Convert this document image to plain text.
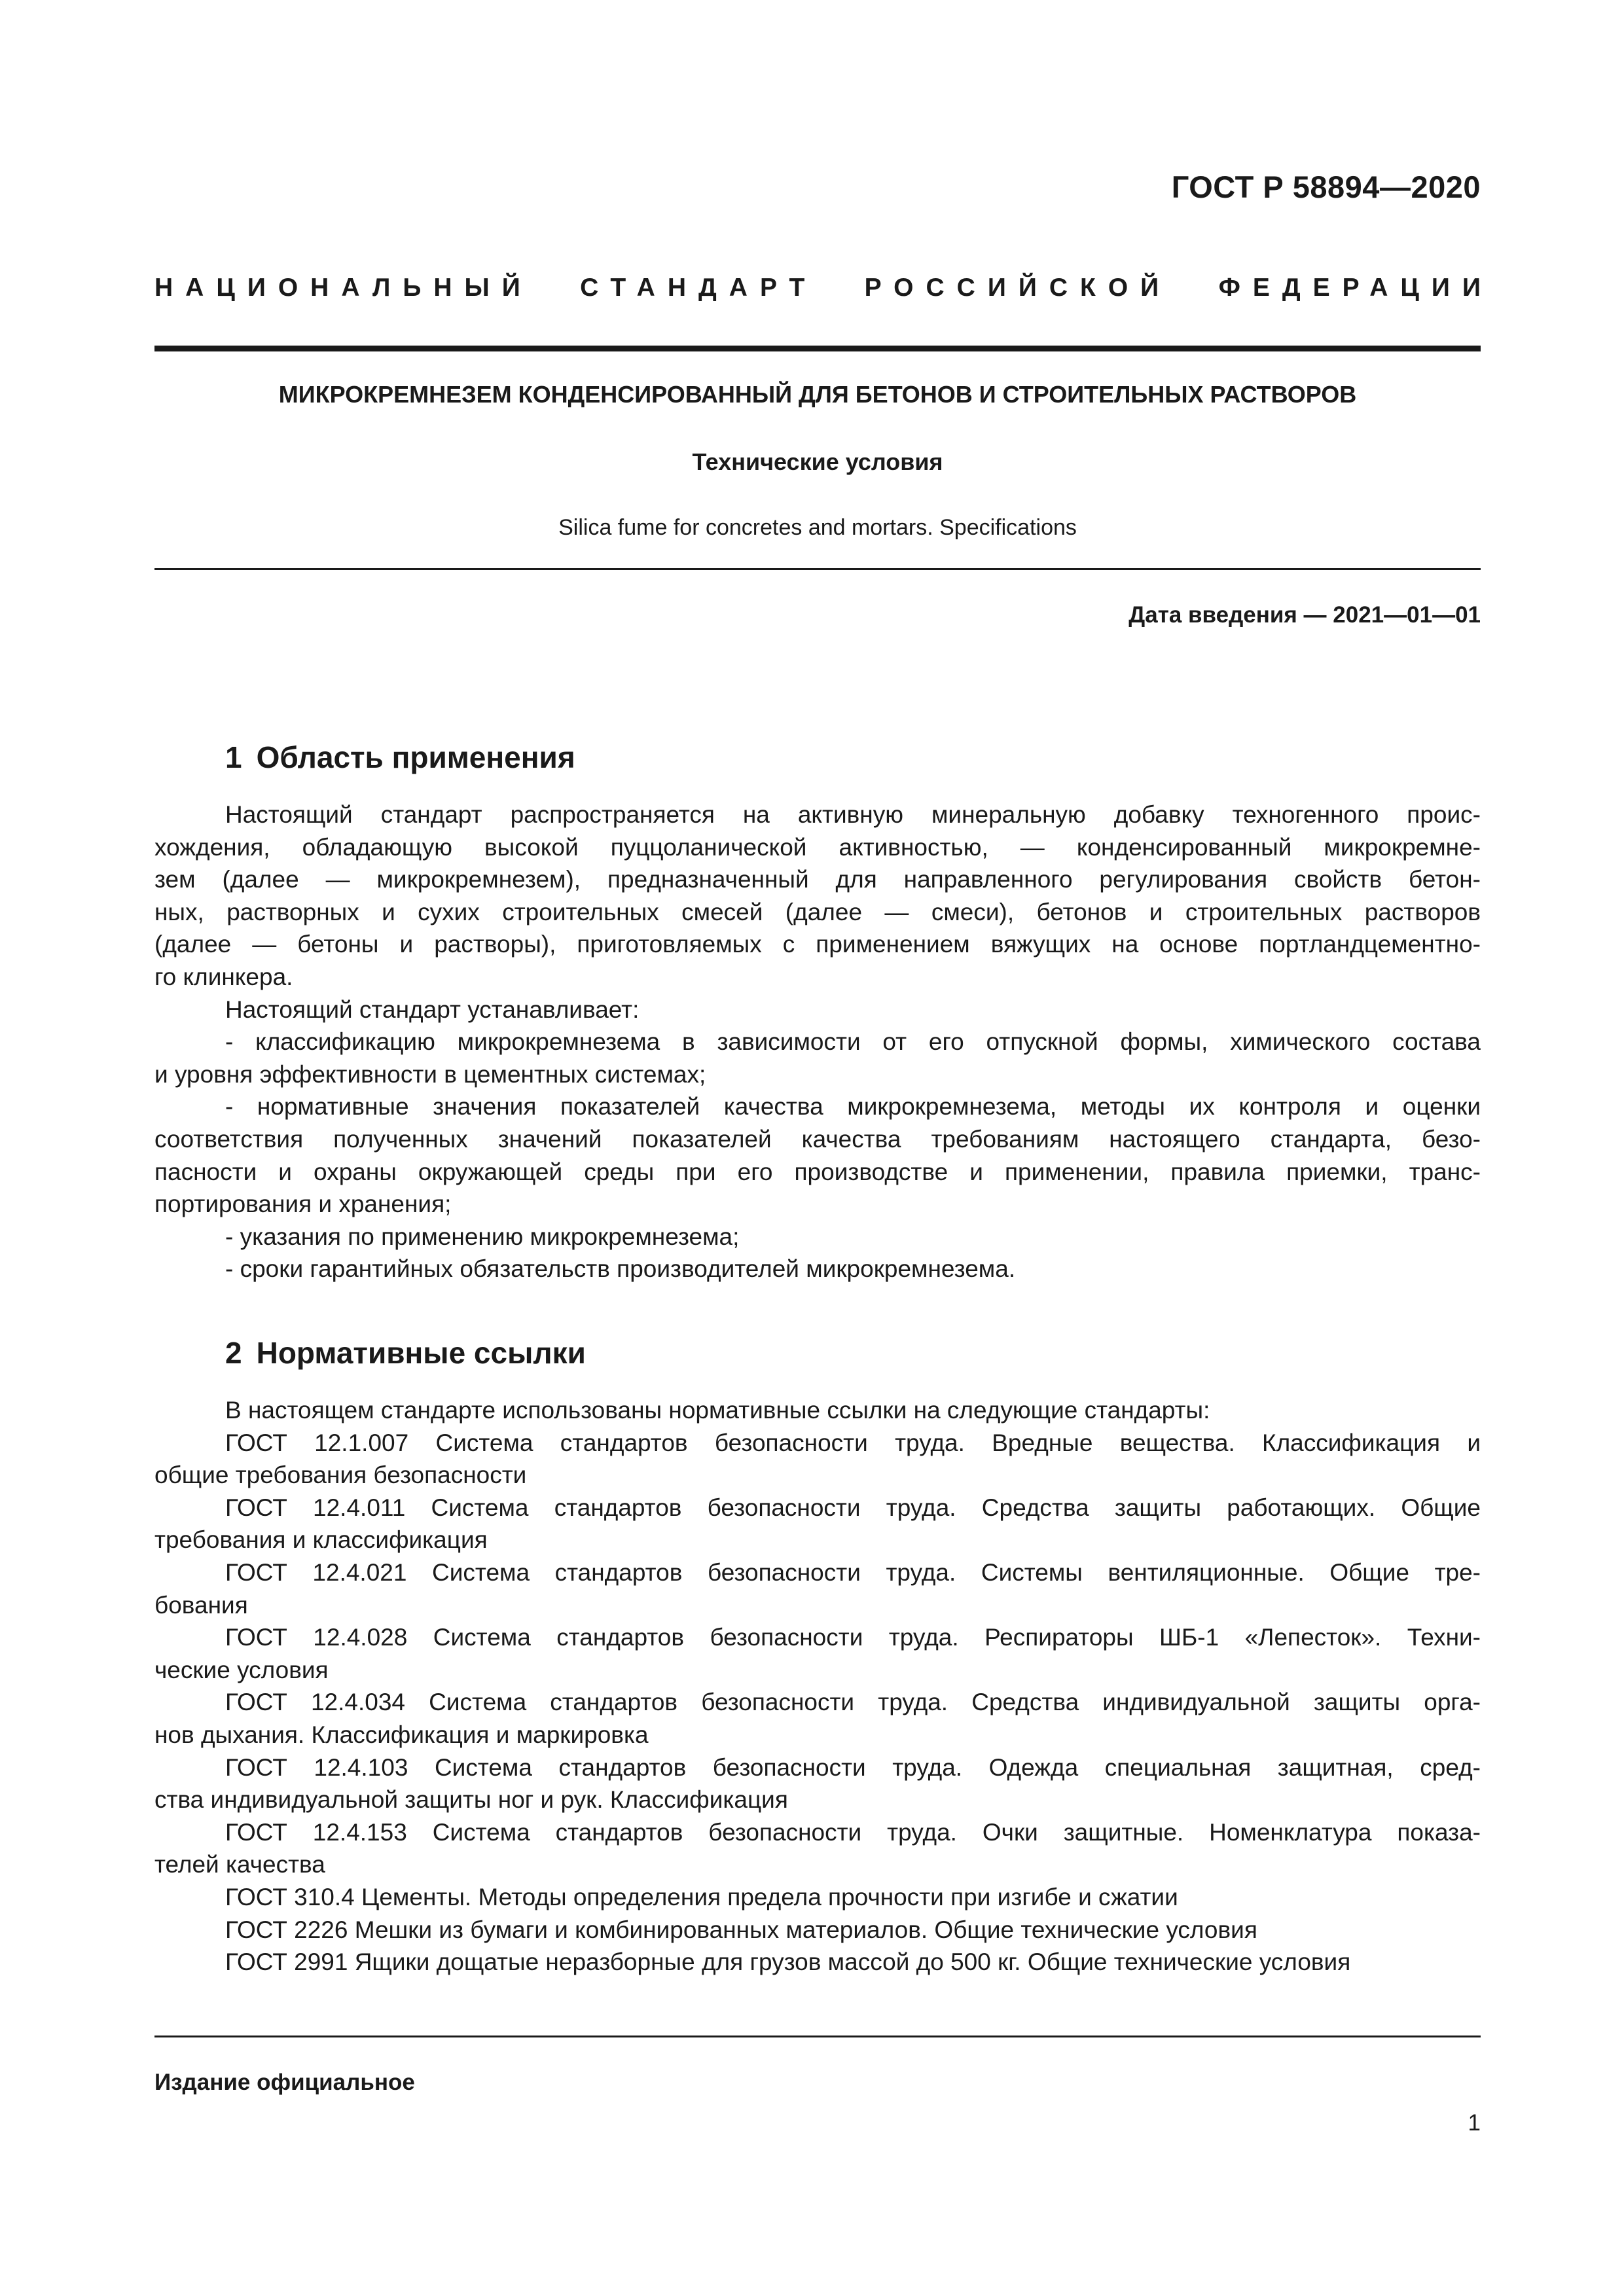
ГОСТ Р 58894—2020
НАЦИОНАЛЬНЫЙ СТАНДАРТ РОССИЙСКОЙ ФЕДЕРАЦИИ
МИКРОКРЕМНЕЗЕМ КОНДЕНСИРОВАННЫЙ ДЛЯ БЕТОНОВ И СТРОИТЕЛЬНЫХ РАСТВОРОВ
Технические условия
Silica fume for concretes and mortars. Specifications
Дата введения — 2021—01—01
1 Область применения
Настоящий стандарт распространяется на активную минеральную добавку техногенного проис-
хождения, обладающую высокой пуццоланической активностью, — конденсированный микрокремне-
зем (далее — микрокремнезем), предназначенный для направленного регулирования свойств бетон-
ных, растворных и сухих строительных смесей (далее — смеси), бетонов и строительных растворов
(далее — бетоны и растворы), приготовляемых с применением вяжущих на основе портландцементно-
го клинкера.
Настоящий стандарт устанавливает:
- классификацию микрокремнезема в зависимости от его отпускной формы, химического состава
и уровня эффективности в цементных системах;
- нормативные значения показателей качества микрокремнезема, методы их контроля и оценки
соответствия полученных значений показателей качества требованиям настоящего стандарта, безо-
пасности и охраны окружающей среды при его производстве и применении, правила приемки, транс-
портирования и хранения;
- указания по применению микрокремнезема;
- сроки гарантийных обязательств производителей микрокремнезема.
2 Нормативные ссылки
В настоящем стандарте использованы нормативные ссылки на следующие стандарты:
ГОСТ 12.1.007 Система стандартов безопасности труда. Вредные вещества. Классификация и
общие требования безопасности
ГОСТ 12.4.011 Система стандартов безопасности труда. Средства защиты работающих. Общие
требования и классификация
ГОСТ 12.4.021 Система стандартов безопасности труда. Системы вентиляционные. Общие тре-
бования
ГОСТ 12.4.028 Система стандартов безопасности труда. Респираторы ШБ-1 «Лепесток». Техни-
ческие условия
ГОСТ 12.4.034 Система стандартов безопасности труда. Средства индивидуальной защиты орга-
нов дыхания. Классификация и маркировка
ГОСТ 12.4.103 Система стандартов безопасности труда. Одежда специальная защитная, сред-
ства индивидуальной защиты ног и рук. Классификация
ГОСТ 12.4.153 Система стандартов безопасности труда. Очки защитные. Номенклатура показа-
телей качества
ГОСТ 310.4 Цементы. Методы определения предела прочности при изгибе и сжатии
ГОСТ 2226 Мешки из бумаги и комбинированных материалов. Общие технические условия
ГОСТ 2991 Ящики дощатые неразборные для грузов массой до 500 кг. Общие технические условия
Издание официальное
1
